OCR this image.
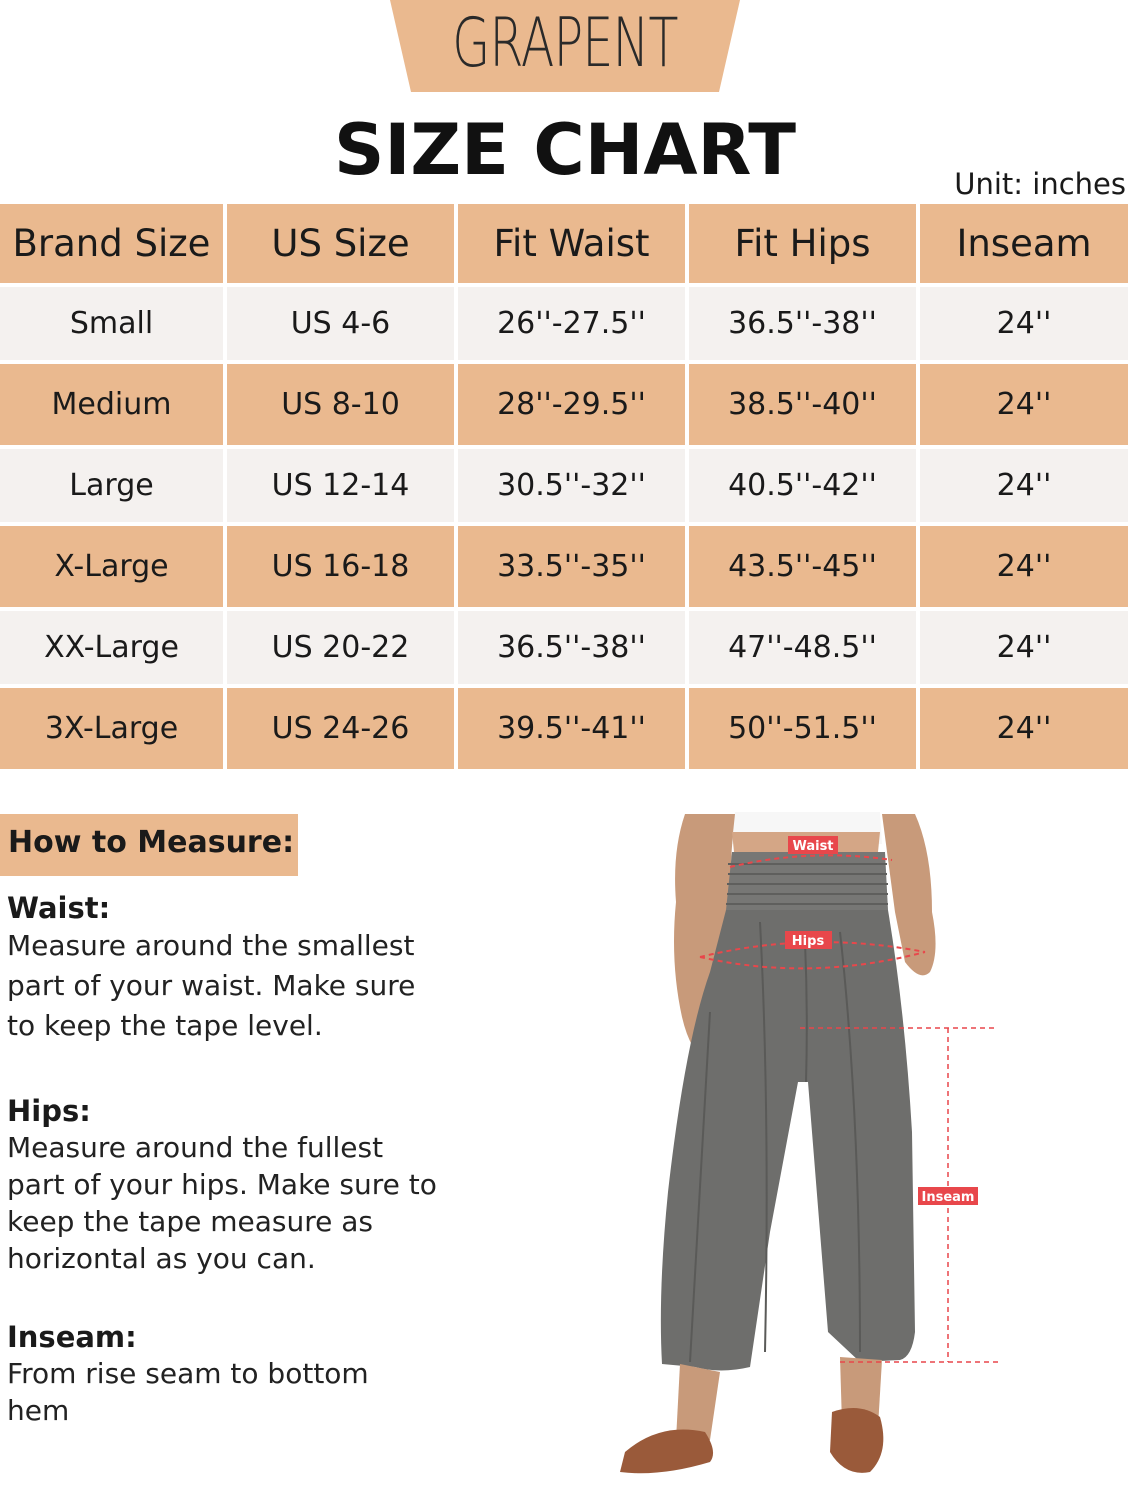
GRAPENT
SIZE CHART	Unit: inches
Brand Size	US Size	Fit Waist	Fit Hips	Inseam
Small	US 4-6	26''-27.5''	36.5''-38''	24''
Medium	US 8-10	28''-29.5''	38.5''-40''	24''
Large	US 12-14	30.5''-32''	40.5''-42''	24''
X-Large	US 16-18	33.5''-35''	43.5''-45''	24''
XX-Large	US 20-22	36.5''-38''	47''-48.5''	24''
3X-Large	US 24-26	39.5''-41''	50''-51.5''	24''
How to Measure:
Waist:
Measure around the smallest part of your waist. Make sure to keep the tape level.
Hips:
Measure around the fullest part of your hips. Make sure to keep the tape measure as horizontal as you can.
Inseam:
From rise seam to bottom hem
Waist
Hips
Inseam
